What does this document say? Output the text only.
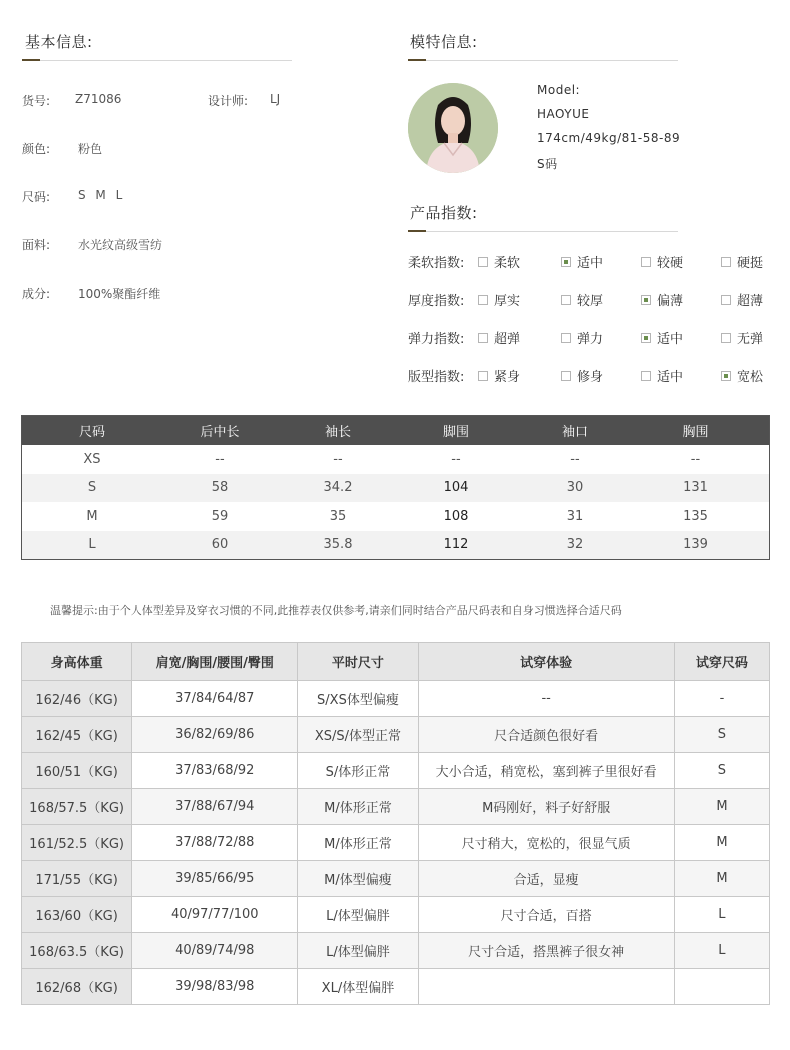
基本信息:
货号: Z71086	设计师: LJ
颜色: 粉色
尺码: S M L
面料: 水光纹高级雪纺
成分: 100%聚酯纤维
模特信息:
Model:
HAOYUE
174cm/49kg/81-58-89
S码
产品指数:
柔软指数: 柔软	适中	较硬	硬挺
厚度指数: 厚实	较厚	偏薄	超薄
弹力指数: 超弹	弹力	适中	无弹
版型指数: 紧身	修身	适中	宽松
尺码	后中长	袖长	脚围	袖口	胸围
XS	--	--	--	--	--
S	58	34.2	104	30	131
M	59	35	108	31	135
L	60	35.8	112	32	139
温馨提示:由于个人体型差异及穿衣习惯的不同,此推荐表仅供参考,请亲们同时结合产品尺码表和自身习惯选择合适尺码
身高体重	肩宽/胸围/腰围/臀围	平时尺寸	试穿体验	试穿尺码
162/46（KG)	37/84/64/87	S/XS体型偏瘦	--	-
162/45（KG)	36/82/69/86	XS/S/体型正常	尺合适颜色很好看	S
160/51（KG)	37/83/68/92	S/体形正常	大小合适，稍宽松，塞到裤子里很好看	S
168/57.5（KG)	37/88/67/94	M/体形正常	M码刚好，料子好舒服	M
161/52.5（KG)	37/88/72/88	M/体形正常	尺寸稍大，宽松的，很显气质	M
171/55（KG)	39/85/66/95	M/体型偏瘦	合适，显瘦	M
163/60（KG)	40/97/77/100	L/体型偏胖	尺寸合适，百搭	L
168/63.5（KG)	40/89/74/98	L/体型偏胖	尺寸合适，搭黑裤子很女神	L
162/68（KG)	39/98/83/98	XL/体型偏胖		
